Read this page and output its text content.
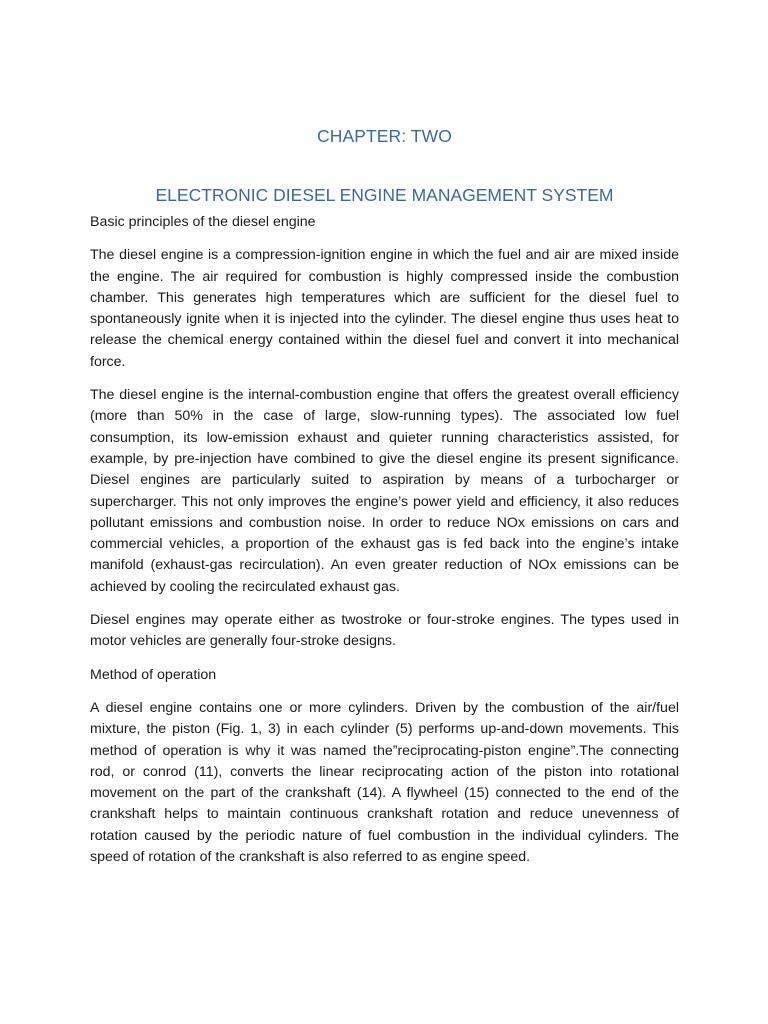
CHAPTER: TWO
ELECTRONIC DIESEL ENGINE MANAGEMENT SYSTEM

Basic principles of the diesel engine

The diesel engine is a compression-ignition engine in which the fuel and air are mixed inside the engine. The air required for combustion is highly compressed inside the combustion chamber. This generates high temperatures which are sufficient for the diesel fuel to spontaneously ignite when it is injected into the cylinder. The diesel engine thus uses heat to release the chemical energy contained within the diesel fuel and convert it into mechanical force.

The diesel engine is the internal-combustion engine that offers the greatest overall efficiency (more than 50% in the case of large, slow-running types). The associated low fuel consumption, its low-emission exhaust and quieter running characteristics assisted, for example, by pre-injection have combined to give the diesel engine its present significance. Diesel engines are particularly suited to aspiration by means of a turbocharger or supercharger. This not only improves the engine’s power yield and efficiency, it also reduces pollutant emissions and combustion noise. In order to reduce NOx emissions on cars and commercial vehicles, a proportion of the exhaust gas is fed back into the engine’s intake manifold (exhaust-gas recirculation). An even greater reduction of NOx emissions can be achieved by cooling the recirculated exhaust gas.

Diesel engines may operate either as twostroke or four-stroke engines. The types used in motor vehicles are generally four-stroke designs.

Method of operation

A diesel engine contains one or more cylinders. Driven by the combustion of the air/fuel mixture, the piston (Fig. 1, 3) in each cylinder (5) performs up-and-down movements. This method of operation is why it was named the”reciprocating-piston engine”.The connecting rod, or conrod (11), converts the linear reciprocating action of the piston into rotational movement on the part of the crankshaft (14). A flywheel (15) connected to the end of the crankshaft helps to maintain continuous crankshaft rotation and reduce unevenness of rotation caused by the periodic nature of fuel combustion in the individual cylinders. The speed of rotation of the crankshaft is also referred to as engine speed.
